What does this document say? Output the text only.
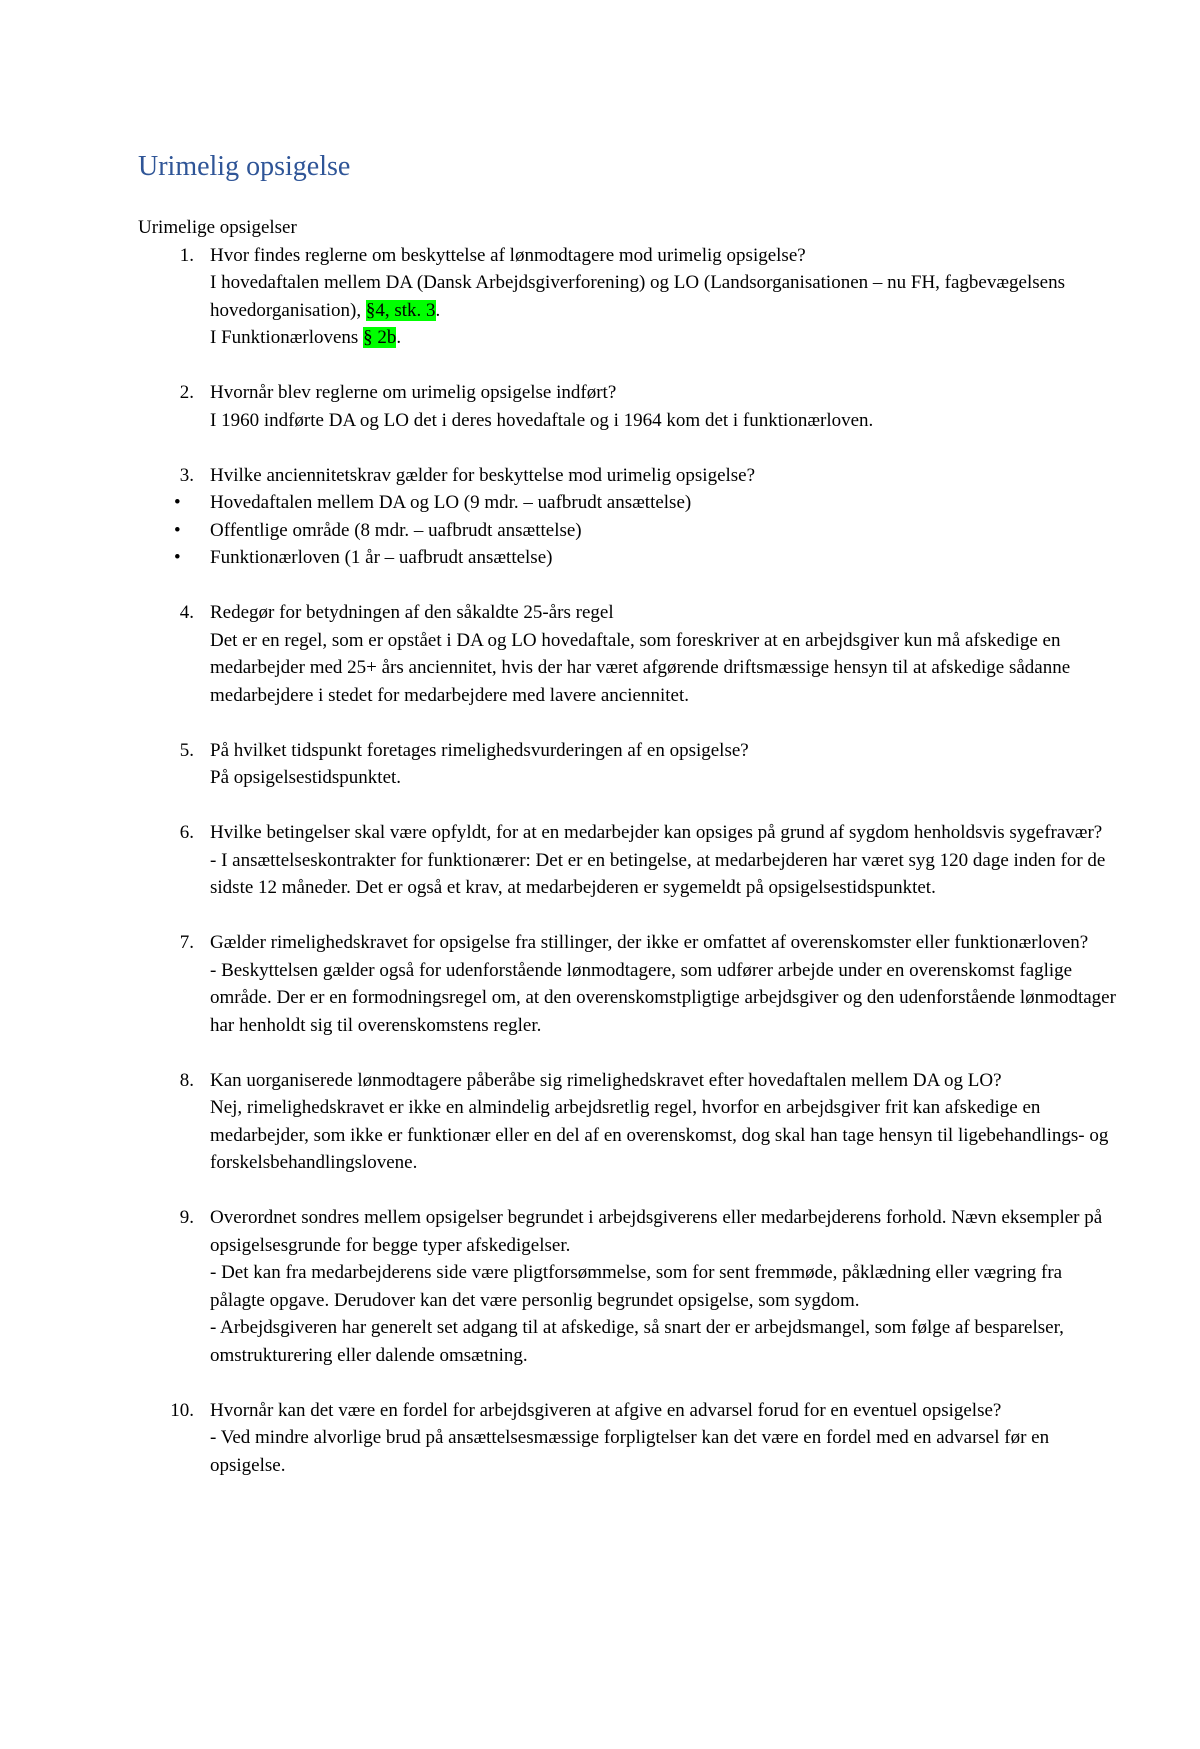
Urimelig opsigelse
Urimelige opsigelser
1. Hvor findes reglerne om beskyttelse af lønmodtagere mod urimelig opsigelse?
I hovedaftalen mellem DA (Dansk Arbejdsgiverforening) og LO (Landsorganisationen – nu FH, fagbevægelsens hovedorganisation), §4, stk. 3.
I Funktionærlovens § 2b.
2. Hvornår blev reglerne om urimelig opsigelse indført?
I 1960 indførte DA og LO det i deres hovedaftale og i 1964 kom det i funktionærloven.
3. Hvilke anciennitetskrav gælder for beskyttelse mod urimelig opsigelse?
• Hovedaftalen mellem DA og LO (9 mdr. – uafbrudt ansættelse)
• Offentlige område (8 mdr. – uafbrudt ansættelse)
• Funktionærloven (1 år – uafbrudt ansættelse)
4. Redegør for betydningen af den såkaldte 25-års regel
Det er en regel, som er opstået i DA og LO hovedaftale, som foreskriver at en arbejdsgiver kun må afskedige en medarbejder med 25+ års anciennitet, hvis der har været afgørende driftsmæssige hensyn til at afskedige sådanne medarbejdere i stedet for medarbejdere med lavere anciennitet.
5. På hvilket tidspunkt foretages rimelighedsvurderingen af en opsigelse?
På opsigelsestidspunktet.
6. Hvilke betingelser skal være opfyldt, for at en medarbejder kan opsiges på grund af sygdom henholdsvis sygefravær?
- I ansættelseskontrakter for funktionærer: Det er en betingelse, at medarbejderen har været syg 120 dage inden for de sidste 12 måneder. Det er også et krav, at medarbejderen er sygemeldt på opsigelsestidspunktet.
7. Gælder rimelighedskravet for opsigelse fra stillinger, der ikke er omfattet af overenskomster eller funktionærloven?
- Beskyttelsen gælder også for udenforstående lønmodtagere, som udfører arbejde under en overenskomst faglige område. Der er en formodningsregel om, at den overenskomstpligtige arbejdsgiver og den udenforstående lønmodtager har henholdt sig til overenskomstens regler.
8. Kan uorganiserede lønmodtagere påberåbe sig rimelighedskravet efter hovedaftalen mellem DA og LO?
Nej, rimelighedskravet er ikke en almindelig arbejdsretlig regel, hvorfor en arbejdsgiver frit kan afskedige en medarbejder, som ikke er funktionær eller en del af en overenskomst, dog skal han tage hensyn til ligebehandlings- og forskelsbehandlingslovene.
9. Overordnet sondres mellem opsigelser begrundet i arbejdsgiverens eller medarbejderens forhold. Nævn eksempler på opsigelsesgrunde for begge typer afskedigelser.
- Det kan fra medarbejderens side være pligtforsømmelse, som for sent fremmøde, påklædning eller vægring fra pålagte opgave. Derudover kan det være personlig begrundet opsigelse, som sygdom.
- Arbejdsgiveren har generelt set adgang til at afskedige, så snart der er arbejdsmangel, som følge af besparelser, omstrukturering eller dalende omsætning.
10. Hvornår kan det være en fordel for arbejdsgiveren at afgive en advarsel forud for en eventuel opsigelse?
- Ved mindre alvorlige brud på ansættelsesmæssige forpligtelser kan det være en fordel med en advarsel før en opsigelse.
